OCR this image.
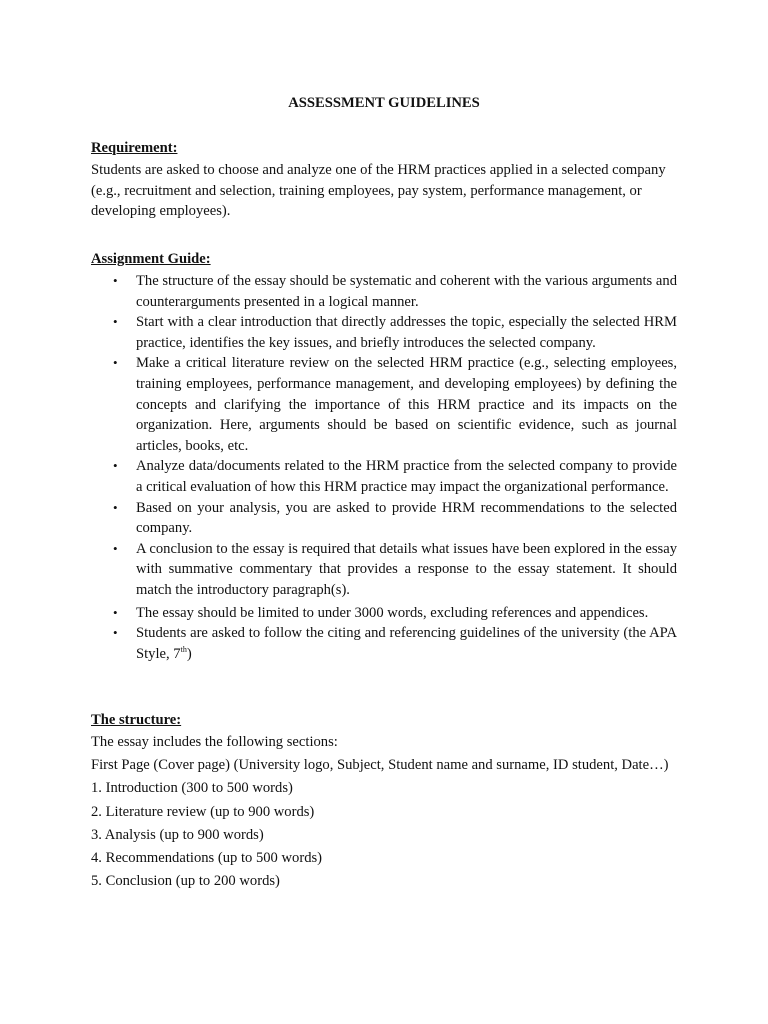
ASSESSMENT GUIDELINES

Requirement:

Students are asked to choose and analyze one of the HRM practices applied in a selected company (e.g., recruitment and selection, training employees, pay system, performance management, or developing employees).

Assignment Guide:

• The structure of the essay should be systematic and coherent with the various arguments and counterarguments presented in a logical manner.
• Start with a clear introduction that directly addresses the topic, especially the selected HRM practice, identifies the key issues, and briefly introduces the selected company.
• Make a critical literature review on the selected HRM practice (e.g., selecting employees, training employees, performance management, and developing employees) by defining the concepts and clarifying the importance of this HRM practice and its impacts on the organization. Here, arguments should be based on scientific evidence, such as journal articles, books, etc.
• Analyze data/documents related to the HRM practice from the selected company to provide a critical evaluation of how this HRM practice may impact the organizational performance.
• Based on your analysis, you are asked to provide HRM recommendations to the selected company.
• A conclusion to the essay is required that details what issues have been explored in the essay with summative commentary that provides a response to the essay statement. It should match the introductory paragraph(s).
• The essay should be limited to under 3000 words, excluding references and appendices.
• Students are asked to follow the citing and referencing guidelines of the university (the APA Style, 7th)

The structure:

The essay includes the following sections:

First Page (Cover page) (University logo, Subject, Student name and surname, ID student, Date…)

1. Introduction (300 to 500 words)

2. Literature review (up to 900 words)

3. Analysis (up to 900 words)

4. Recommendations (up to 500 words)

5. Conclusion (up to 200 words)
